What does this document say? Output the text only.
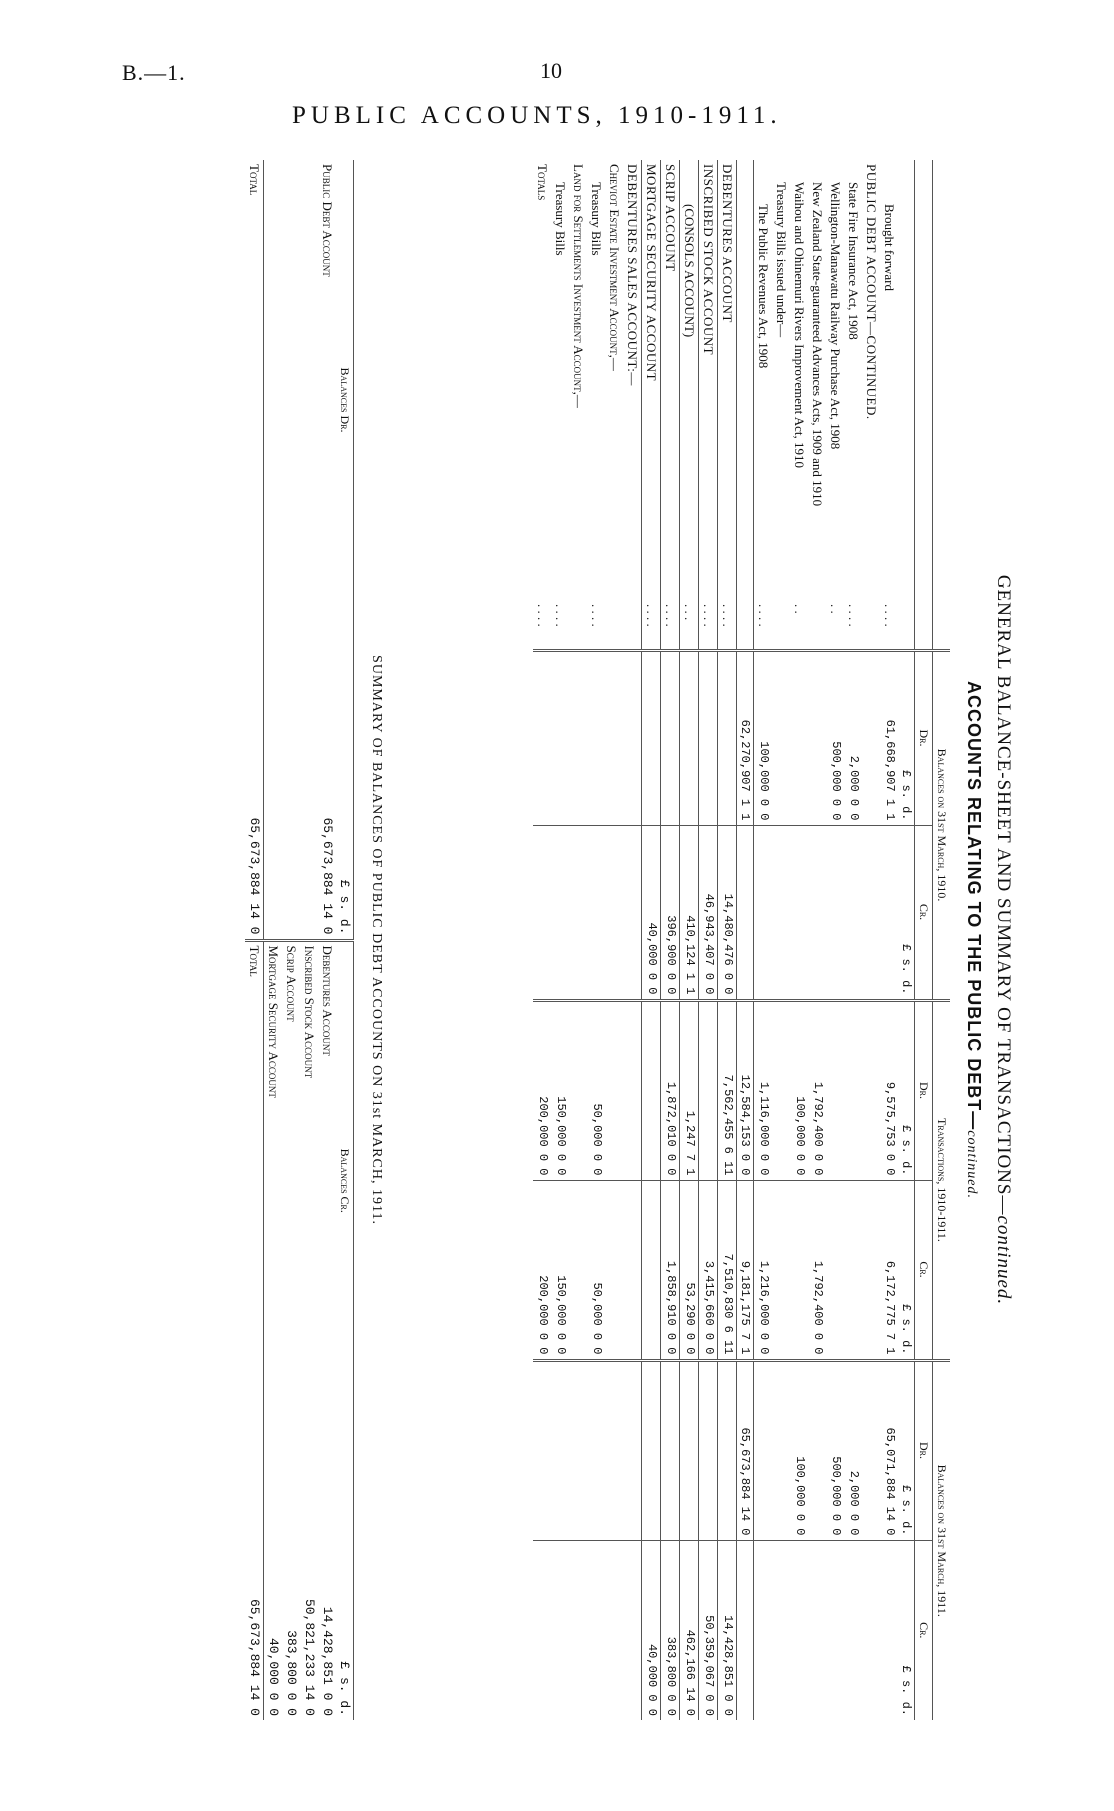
B.—1.	10
PUBLIC ACCOUNTS, 1910-1911.
GENERAL BALANCE-SHEET AND SUMMARY OF TRANSACTIONS—continued.
ACCOUNTS RELATING TO THE PUBLIC DEBT—continued.
		Balances on 31st March, 1910.		Transactions, 1910-1911.		Balances on 31st March, 1911.	
		Dr.	Cr.	Dr.	Cr.	Dr.	Cr.
		£ s. d.	£ s. d.	£ s. d.	£ s. d.	£ s. d.	£ s. d.
Brought forward	. . . .	61,668,907 1 1		9,575,753 0 0	6,172,775 7 1	65,071,884 14 0	
PUBLIC DEBT ACCOUNT—CONTINUED.							
State Fire Insurance Act, 1908	. . . .	2,000 0 0				2,000 0 0	
Wellington-Manawatu Railway Purchase Act, 1908	. .	500,000 0 0				500,000 0 0	
New Zealand State-guaranteed Advances Acts, 1909 and 1910				1,792,400 0 0	1,792,400 0 0		
Waihou and Ohinemuri Rivers Improvement Act, 1910	. .			100,000 0 0		100,000 0 0	
Treasury Bills issued under—							
The Public Revenues Act, 1908	. . . .	100,000 0 0		1,116,000 0 0	1,216,000 0 0		
		62,270,907 1 1		12,584,153 0 0	9,181,175 7 1	65,673,884 14 0	
DEBENTURES ACCOUNT	. . . .		14,480,476 0 0	7,562,455 6 11	7,510,830 6 11		14,428,851 0 0
INSCRIBED STOCK ACCOUNT	. . . .		46,943,407 0 0		3,415,660 0 0		50,359,067 0 0
(CONSOLS ACCOUNT)	. . .		410,124 1 1	1,247 7 1	53,290 0 0		462,166 14 0
SCRIP ACCOUNT	. . . .		396,900 0 0	1,872,010 0 0	1,858,910 0 0		383,800 0 0
MORTGAGE SECURITY ACCOUNT	. . . .		40,000 0 0				40,000 0 0
DEBENTURES SALES ACCOUNT:—							
Cheviot Estate Investment Account,—							
Treasury Bills	. . . .			50,000 0 0	50,000 0 0		
Land for Settlements Investment Account,—							
Treasury Bills	. . . .			150,000 0 0	150,000 0 0		
Totals	. . . .			200,000 0 0	200,000 0 0		
SUMMARY OF BALANCES OF PUBLIC DEBT ACCOUNTS ON 31st MARCH, 1911.
Balances Dr.	£ s. d.	Balances Cr.	£ s. d.
Public Debt Account	65,673,884 14 0	Debentures Account	14,428,851 0 0
		Inscribed Stock Account	50,821,233 14 0
		Scrip Account	383,800 0 0
		Mortgage Security Account	40,000 0 0
Total	65,673,884 14 0	Total	65,673,884 14 0
